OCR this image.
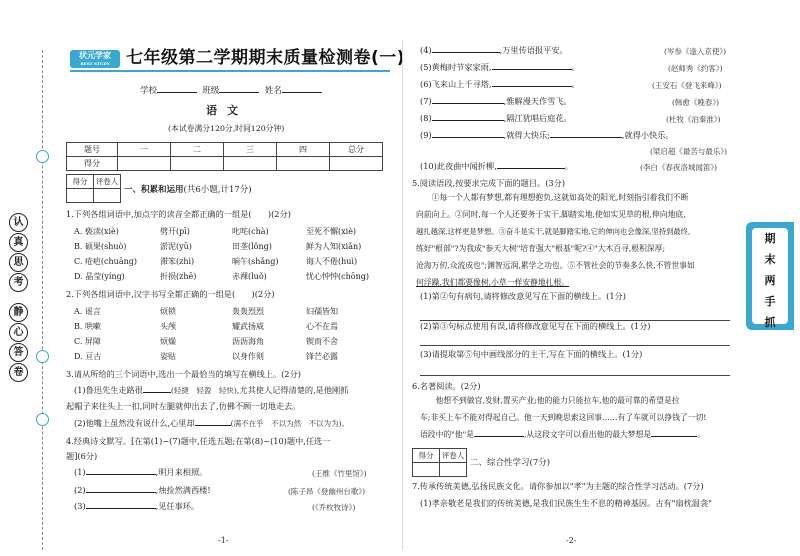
认
真
思
考
静
心
答
卷
状元学家
BEST STUDY 七年级第二学期期末质量检测卷(一)
学校	班级	姓名
语文
(本试卷满分120分,时间120分钟)
题号	一	二	三	四	总分
得分					
得分	评卷人

一、积累和运用(共6小题,计17分)
1.下列各组词语中,加点字的读音全都正确的一组是(　　)(2分)
A. 亵渎(xiè)	劈开(pī)	叱咤(chà)	至死不懈(xiè)
B. 硕果(shuò)	淤泥(yū)	田垄(lǒng)	鲜为人知(xiǎn)
C. 疮疤(chuāng)	滞笨(zhì)	晌午(shǎng)	诲人不倦(huì)
D. 晶莹(yíng)	折损(zhē)	赤裸(luǒ)	忧心忡忡(chōng)
2.下列各组词语中,汉字书写全都正确的一组是(　　)(2分)
A. 谣言	烦锁	轰轰烈烈	妇孺皆知
B. 哄嗽	头颅	耀武扬威	心不在焉
C. 屏障	烦燥	沥沥海角	锲而不舍
D. 亘古	姿贴	以身作则	锋芒必露
3.请从所给的三个词语中,选出一个最恰当的填写在横线上。(2分)
(1)鲁迅先生走路很	(轻捷　轻盈　轻快),尤其使人记得清楚的,是他刚抓
起帽子来往头上一扣,同时左腿就伸出去了,仿佛不顾一切地走去。
(2)他嘴上虽然没有说什么,心里却	(满不在乎　不以为然　不以为为)。
4.经典诗文默写。[在第(1)~(7)题中,任选五题;在第(8)~(10)题中,任选一
题](6分)
(1)	,明月来相照。	(王维《竹里馆》)
(2)	,烛捡然满西楼!	(陈子昂《登幽州台歌》)
(3)	,见任事环。	(《乔枚牧诗》)
-1-
(4)	,万里传语报平安。	(岑参《逢入京使》)
(5)黄梅时节家家雨,	。	(赵师秀《约客》)
(6)飞来山上千寻塔,	。	(王安石《登飞来峰》)
(7)	,惟解漫天作雪飞。	(韩愈《晚春》)
(8)	,隔江犹唱后庭花。	(杜牧《泊秦淮》)
(9)	,就得大快乐;	,就得小快乐。
(梁启超《最苦与最乐》)
(10)此夜曲中闻折柳,	。	(李白《春夜洛城闻笛》)
5.阅读语段,按要求完成下面的题目。(3分)
　　①每一个人都有梦想,都有理想抱负,这就如高处的阳光,时刻指引着我们不断
向前向上。②同时,每一个人还要务于实干,脚踏实地,使如实见草的根,伸向地底,
越扎越深,这样更是梦想。③奋斗是实干,就是脚踏实地,它的伸向也会像深,坚持到最终,
练好"根部"?为我成"参天大树"培育强大"根基"呢?④"大木百寻,根积深厚;
沧海万仞,众流成也";渊智远润,累学之功也。⑤不管社会的节奏多么快,不管世事如
何浮躁,我们都要像树,小草一样安静地扎根。
(1)第②句有病句,请将修改意见写在下面的横线上。(1分)
(2)第③句标点使用有误,请将修改意见写在下面的横线上。(1分)
(3)请提取第⑤句中画线部分的主干,写在下面的横线上。(1分)
6.名著阅读。(2分)
　　他想不到做官,发财,置买产业;他的能力只能拉车,他的最可靠的希望是拉
车;非买上车不能对得起自己。他一天到晚思索这回事……有了车就可以挣钱了一切!
语段中的"他"是	,从这段文字可以看出他的最大梦想是	。
得分	评卷人

二、综合性学习(7分)
7.传承传统美德,弘扬民族文化。请你参加以"孝"为主题的综合性学习活动。(7分)
(1)孝亲敬老是我们的传统美德,是我们民族生生不息的精神基因。古有"扇枕温衾"
-2-
期
末
两
手
抓
